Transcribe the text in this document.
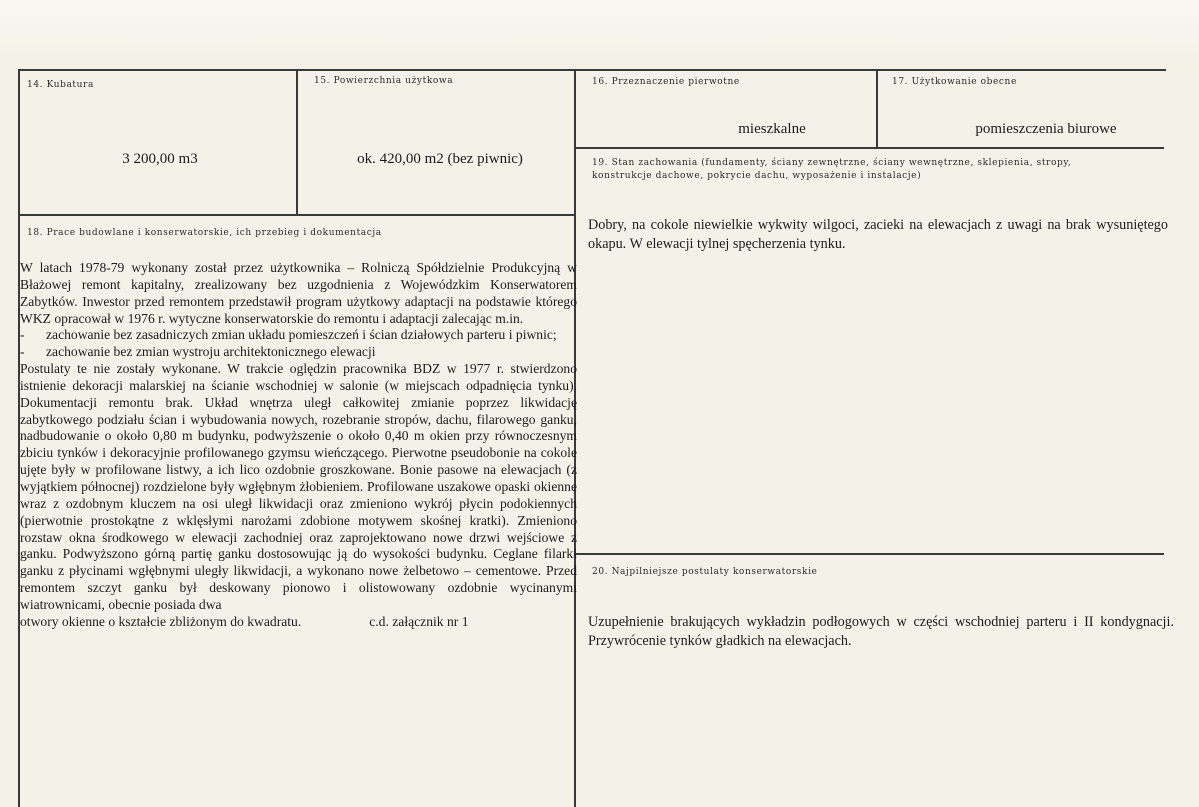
14. Kubatura
3 200,00 m3
15. Powierzchnia użytkowa
ok. 420,00 m2 (bez piwnic)
16. Przeznaczenie pierwotne
mieszkalne
17. Użytkowanie obecne
pomieszczenia biurowe
18. Prace budowlane i konserwatorskie, ich przebieg i dokumentacja
W latach 1978-79 wykonany został przez użytkownika – Rolniczą Spółdzielnie Produkcyjną w Błażowej remont kapitalny, zrealizowany bez uzgodnienia z Wojewódzkim Konserwatorem Zabytków. Inwestor przed remontem przedstawił program użytkowy adaptacji na podstawie którego WKZ opracował w 1976 r. wytyczne konserwatorskie do remontu i adaptacji zalecając m.in.
-	zachowanie bez zasadniczych zmian układu pomieszczeń i ścian działowych parteru i piwnic;
-	zachowanie bez zmian wystroju architektonicznego elewacji
Postulaty te nie zostały wykonane. W trakcie oględzin pracownika BDZ w 1977 r. stwierdzono istnienie dekoracji malarskiej na ścianie wschodniej w salonie (w miejscach odpadnięcia tynku). Dokumentacji remontu brak. Układ wnętrza uległ całkowitej zmianie poprzez likwidację zabytkowego podziału ścian i wybudowania nowych, rozebranie stropów, dachu, filarowego ganku, nadbudowanie o około 0,80 m budynku, podwyższenie o około 0,40 m okien przy równoczesnym zbiciu tynków i dekoracyjnie profilowanego gzymsu wieńczącego. Pierwotne pseudobonie na cokole ujęte były w profilowane listwy, a ich lico ozdobnie groszkowane. Bonie pasowe na elewacjach (z wyjątkiem północnej) rozdzielone były wgłębnym żłobieniem. Profilowane uszakowe opaski okienne wraz z ozdobnym kluczem na osi uległ likwidacji oraz zmieniono wykrój płycin podokiennych (pierwotnie prostokątne z wklęsłymi narożami zdobione motywem skośnej kratki). Zmieniono rozstaw okna środkowego w elewacji zachodniej oraz zaprojektowano nowe drzwi wejściowe z ganku. Podwyższono górną partię ganku dostosowując ją do wysokości budynku. Ceglane filarki ganku z płycinami wgłębnymi uległy likwidacji, a wykonano nowe żelbetowo – cementowe. Przed remontem szczyt ganku był deskowany pionowo i olistowowany ozdobnie wycinanymi wiatrownicami, obecnie posiada dwa
otwory okienne o kształcie zbliżonym do kwadratu.	c.d. załącznik nr 1
19. Stan zachowania (fundamenty, ściany zewnętrzne, ściany wewnętrzne, sklepienia, stropy,
konstrukcje dachowe, pokrycie dachu, wyposażenie i instalacje)
Dobry, na cokole niewielkie wykwity wilgoci, zacieki na elewacjach z uwagi na brak wysuniętego okapu. W elewacji tylnej spęcherzenia tynku.
20. Najpilniejsze postulaty konserwatorskie
Uzupełnienie brakujących wykładzin podłogowych w części wschodniej parteru i II kondygnacji. Przywrócenie tynków gładkich na elewacjach.
